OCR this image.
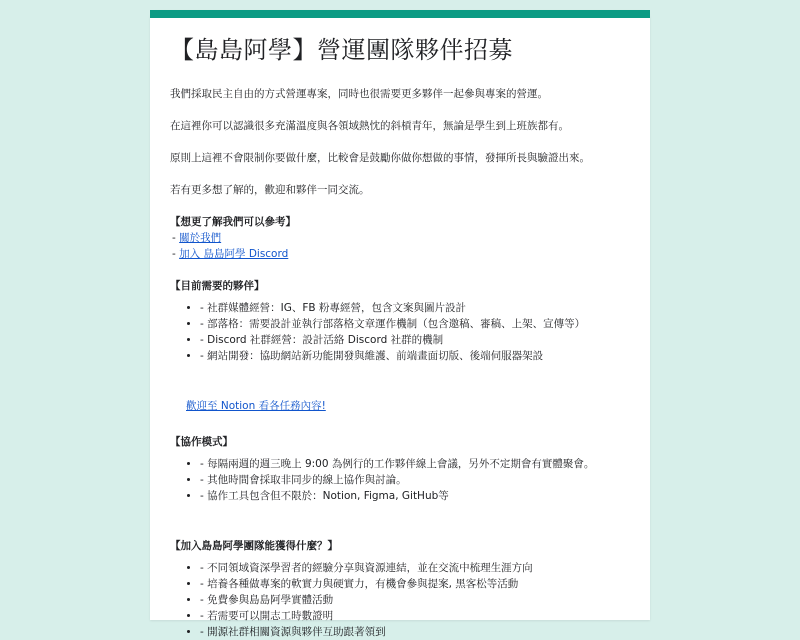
【島島阿學】營運團隊夥伴招募

我們採取民主自由的方式營運專案，同時也很需要更多夥伴一起參與專案的營運。

在這裡你可以認識很多充滿溫度與各領域熱忱的斜槓青年，無論是學生到上班族都有。

原則上這裡不會限制你要做什麼，比較會是鼓勵你做你想做的事情，發揮所長與驗證出來。

若有更多想了解的，歡迎和夥伴一同交流。

【想更了解我們可以參考】

- 關於我們
- 加入 島島阿學 Discord

【目前需要的夥伴】

• - 社群媒體經營：IG、FB 粉專經營，包含文案與圖片設計
• - 部落格：需要設計並執行部落格文章運作機制（包含邀稿、審稿、上架、宣傳等）
• - Discord 社群經營：設計活絡 Discord 社群的機制
• - 網站開發：協助網站新功能開發與維護、前端畫面切版、後端伺服器架設
歡迎至 Notion 看各任務內容!

【協作模式】

• - 每隔兩週的週三晚上 9:00 為例行的工作夥伴線上會議，另外不定期會有實體聚會。
• - 其他時間會採取非同步的線上協作與討論。
• - 協作工具包含但不限於：Notion, Figma, GitHub等

【加入島島阿學團隊能獲得什麼？】

• - 不同領域資深學習者的經驗分享與資源連結，並在交流中梳理生涯方向
• - 培養各種做專案的軟實力與硬實力，有機會參與提案, 黑客松等活動
• - 免費參與島島阿學實體活動
• - 若需要可以開志工時數證明
• - 開源社群相關資源與夥伴互助跟著領到
